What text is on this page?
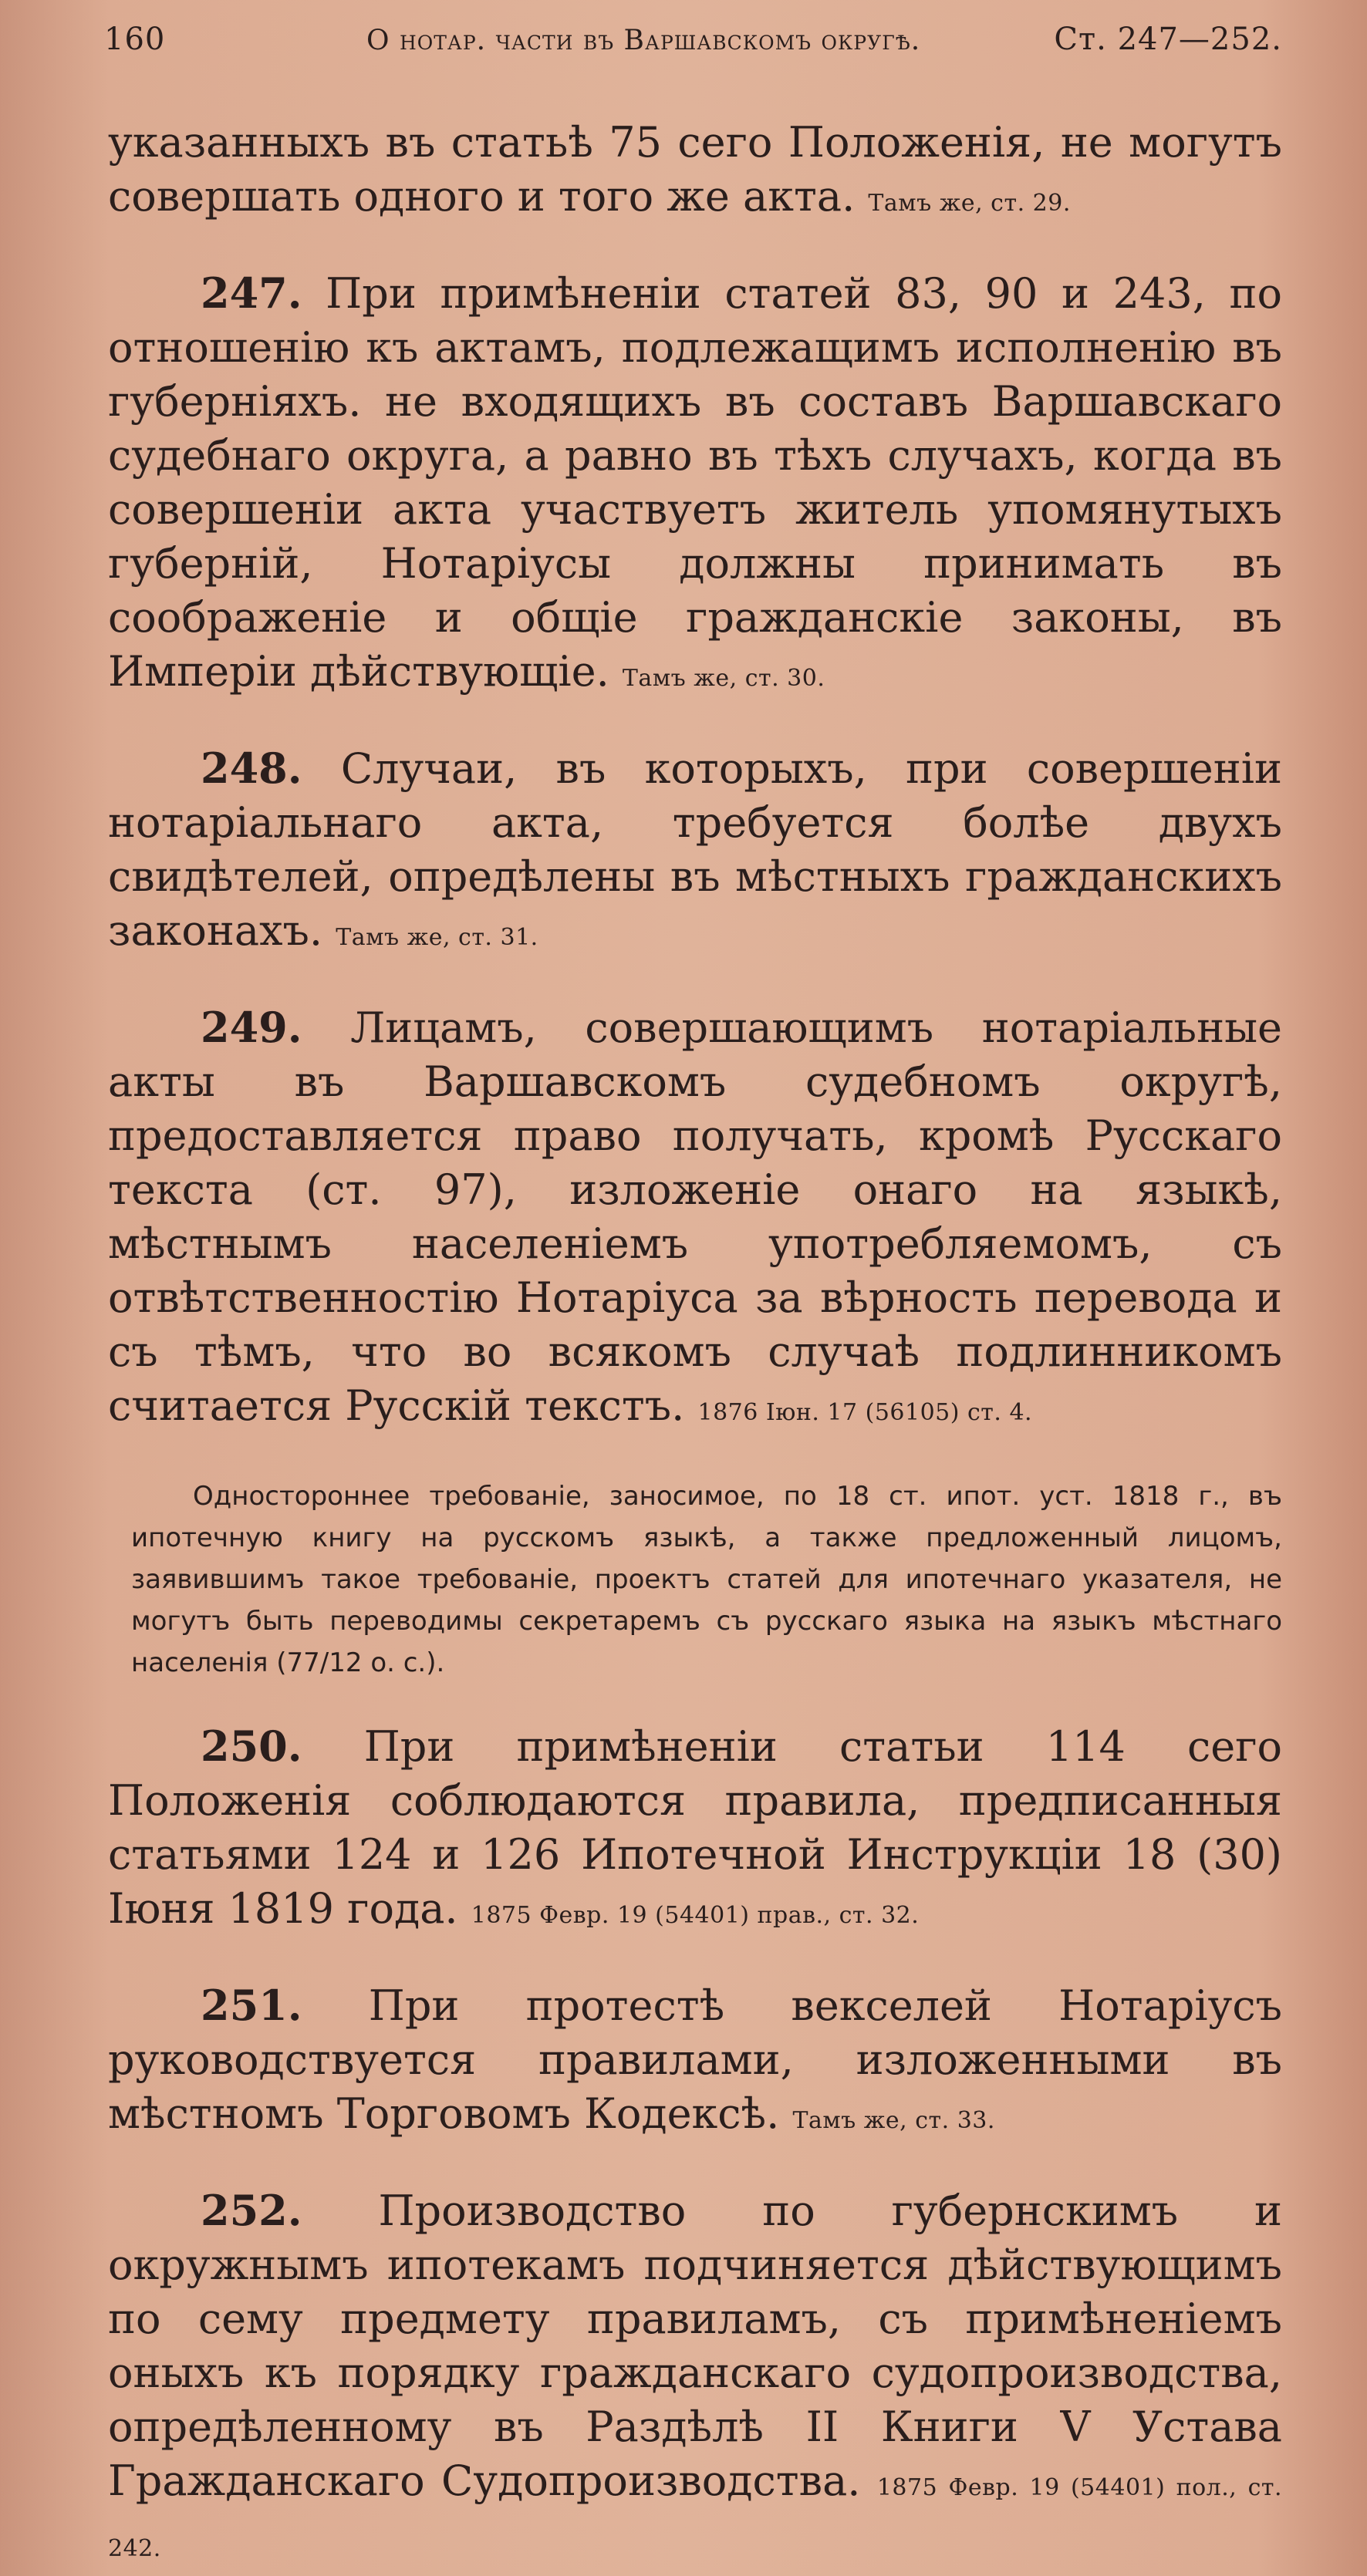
160	О нотар. части въ Варшавскомъ округѣ.	Ст. 247—252.

указанныхъ въ статьѣ 75 сего Положенія, не могутъ совершать одного и того же акта. Тамъ же, ст. 29.

247. При примѣненіи статей 83, 90 и 243, по отношенію къ актамъ, подлежащимъ исполненію въ губерніяхъ. не входящихъ въ составъ Варшавскаго судебнаго округа, а равно въ тѣхъ случахъ, когда въ совершеніи акта участвуетъ житель упомянутыхъ губерній, Нотаріусы должны принимать въ соображеніе и общіе гражданскіе законы, въ Имперіи дѣйствующіе. Тамъ же, ст. 30.

248. Случаи, въ которыхъ, при совершеніи нотаріальнаго акта, требуется болѣе двухъ свидѣтелей, опредѣлены въ мѣстныхъ гражданскихъ законахъ. Тамъ же, ст. 31.

249. Лицамъ, совершающимъ нотаріальные акты въ Варшавскомъ судебномъ округѣ, предоставляется право получать, кромѣ Русскаго текста (ст. 97), изложеніе онаго на языкѣ, мѣстнымъ населеніемъ употребляемомъ, съ отвѣтственностію Нотаріуса за вѣрность перевода и съ тѣмъ, что во всякомъ случаѣ подлинникомъ считается Русскій текстъ. 1876 Іюн. 17 (56105) ст. 4.

Одностороннее требованіе, заносимое, по 18 ст. ипот. уст. 1818 г., въ ипотечную книгу на русскомъ языкѣ, а также предложенный лицомъ, заявившимъ такое требованіе, проектъ статей для ипотечнаго указателя, не могутъ быть переводимы секретаремъ съ русскаго языка на языкъ мѣстнаго населенія (77/12 о. с.).

250. При примѣненіи статьи 114 сего Положенія соблюдаются правила, предписанныя статьями 124 и 126 Ипотечной Инструкціи 18 (30) Іюня 1819 года. 1875 Февр. 19 (54401) прав., ст. 32.

251. При протестѣ векселей Нотаріусъ руководствуется правилами, изложенными въ мѣстномъ Торговомъ Кодексѣ. Тамъ же, ст. 33.

252. Производство по губернскимъ и окружнымъ ипотекамъ подчиняется дѣйствующимъ по сему предмету правиламъ, съ примѣненіемъ оныхъ къ порядку гражданскаго судопроизводства, опредѣленному въ Раздѣлѣ II Книги V Устава Гражданскаго Судопроизводства. 1875 Февр. 19 (54401) пол., ст. 242.
